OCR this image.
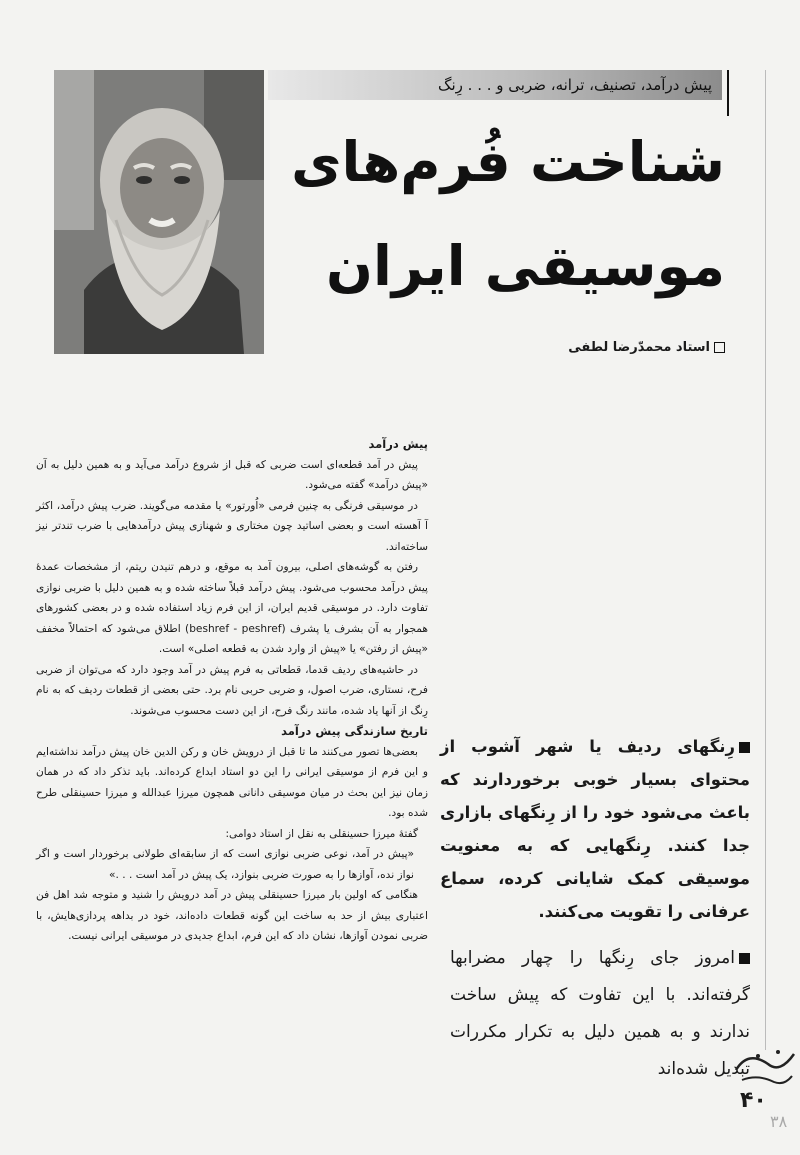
پیش درآمد، تصنیف، ترانه، ضربی و . . . رِنگ
شناخت فُرم‌های
موسیقی ایران
استاد محمدّرضا لطفی
پیش درآمد

پیش در آمد قطعه‌ای است ضربی که قبل از شروع درآمد می‌آید و به همین دلیل به آن «پیش درآمد» گفته می‌شود.

در موسیقی فرنگی به چنین فرمی «اُورتور» یا مقدمه می‌گویند. ضرب پیش درآمد، اکثر آ آهسته است و بعضی اساتید چون مختاری و شهنازی پیش درآمدهایی با ضرب تندتر نیز ساخته‌اند.

رفتن به گوشه‌های اصلی، بیرون آمد به موقع، و درهم تنیدن ریتم، از مشخصات عمدهٔ پیش درآمد محسوب می‌شود. پیش درآمد قبلاً ساخته شده و به همین دلیل با ضربی نوازی تفاوت دارد. در موسیقی قدیم ایران، از این فرم زیاد استفاده شده و در بعضی کشورهای همجوار به آن بشرف یا پشرف (beshref - peshref) اطلاق می‌شود که احتمالاً مخفف «پیش از رفتن» یا «پیش از وارد شدن به قطعه اصلی» است.

در حاشیه‌های ردیف قدما، قطعاتی به فرم پیش در آمد وجود دارد که می‌توان از ضربی فرح، نستاری، ضرب اصول، و ضربی حربی نام برد. حتی بعضی از قطعات ردیف که به نام رِنگ از آنها یاد شده، مانند رنگ فرح، از این دست محسوب می‌شوند.

تاریخ سازندگی پیش درآمد

بعضی‌ها تصور می‌کنند ما تا قبل از درویش خان و رکن الدین خان پیش درآمد نداشته‌ایم و این فرم از موسیقی ایرانی را این دو استاد ابداع کرده‌اند. باید تذکر داد که در همان زمان نیز این بحث در میان موسیقی دانانی همچون میرزا عبدالله و میرزا حسینقلی طرح شده بود.

گفتهٔ میرزا حسینقلی به نقل از استاد دوامی:

«پیش در آمد، نوعی ضربی نوازی است که از سابقه‌ای طولانی برخوردار است و اگر نواز نده، آوازها را به صورت ضربی بنوازد، یک پیش در آمد است . . .»

هنگامی که اولین بار میرزا حسینقلی پیش در آمد درویش را شنید و متوجه شد اهل فن اعتباری بیش از حد به ساخت این گونه قطعات داده‌اند، خود در بداهه پردازی‌هایش، با ضربی نمودن آوازها، نشان داد که این فرم، ابداع جدیدی در موسیقی ایرانی نیست.

رِنگهای ردیف یا شهر آشوب از محتوای بسیار خوبی برخوردارند که باعث می‌شود خود را از رِنگهای بازاری جدا کنند. رِنگهایی که به معنویت موسیقی کمک شایانی کرده، سماع عرفانی را تقویت می‌کنند.
امروز جای رِنگها را چهار مضرابها گرفته‌اند. با این تفاوت که پیش ساخت ندارند و به همین دلیل به تکرار مکررات تبدیل شده‌اند
۴۰
۳۸
